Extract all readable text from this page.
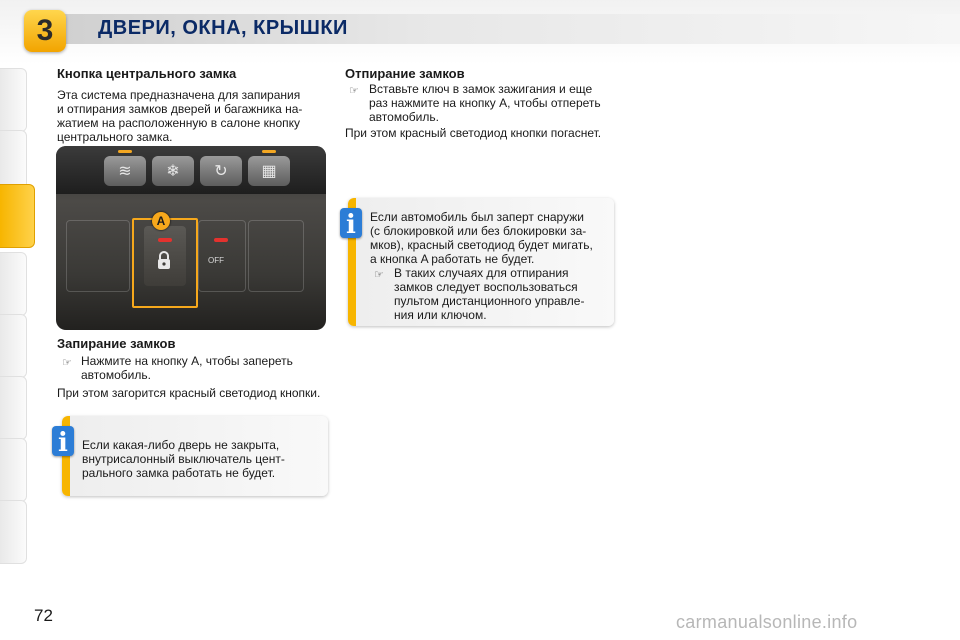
3	ДВЕРИ, ОКНА, КРЫШКИ
Кнопка центрального замка
Эта система предназначена для запирания
и отпирания замков дверей и багажника на-
жатием на расположенную в салоне кнопку
центрального замка.
≋	❄	↻	▦
OFF
A
Запирание замков
☞ Нажмите на кнопку A, чтобы запереть
автомобиль.
При этом загорится красный светодиод кнопки.
i	Если какая-либо дверь не закрыта,
внутрисалонный выключатель цент-
рального замка работать не будет.
Отпирание замков
☞ Вставьте ключ в замок зажигания и еще
раз нажмите на кнопку A, чтобы отпереть
автомобиль.
При этом красный светодиод кнопки погаснет.
i	Если автомобиль был заперт снаружи
(с блокировкой или без блокировки за-
мков), красный светодиод будет мигать,
а кнопка A работать не будет.
☞ В таких случаях для отпирания
замков следует воспользоваться
пультом дистанционного управле-
ния или ключом.
72	carmanualsonline.info
